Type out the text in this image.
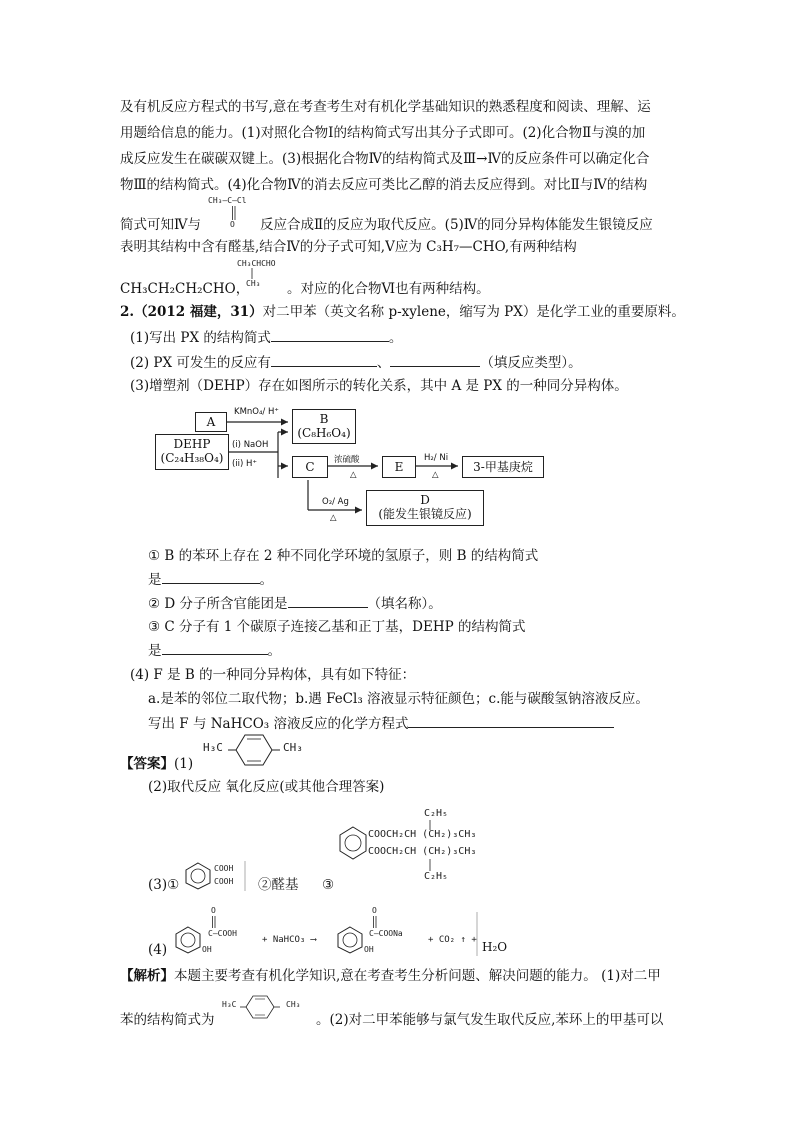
及有机反应方程式的书写,意在考查考生对有机化学基础知识的熟悉程度和阅读、理解、运
用题给信息的能力。(1)对照化合物Ⅰ的结构简式写出其分子式即可。(2)化合物Ⅱ与溴的加
成反应发生在碳碳双键上。(3)根据化合物Ⅳ的结构简式及Ⅲ→Ⅳ的反应条件可以确定化合
物Ⅲ的结构简式。(4)化合物Ⅳ的消去反应可类比乙醇的消去反应得到。对比Ⅱ与Ⅳ的结构
简式可知Ⅳ与
CH₃—C—Cl
O 反应合成Ⅱ的反应为取代反应。(5)Ⅳ的同分异构体能发生银镜反应
表明其结构中含有醛基,结合Ⅳ的分子式可知,Ⅴ应为 C₃H₇—CHO,有两种结构
CH₃CH₂CH₂CHO，
CH₃CHCHO
CH₃ 。对应的化合物Ⅵ也有两种结构。
2.（2012 福建，31）对二甲苯（英文名称 p-xylene，缩写为 PX）是化学工业的重要原料。
(1)写出 PX 的结构简式	。
(2) PX 可发生的反应有	、	（填反应类型）。
(3)增塑剂（DEHP）存在如图所示的转化关系，其中 A 是 PX 的一种同分异构体。
A	B
(C₈H₆O₄)
DEHP
(C₂₄H₃₈O₄)
C	E	3-甲基庚烷
D
(能发生银镜反应)
KMnO₄/ H⁺
(i) NaOH
(ii) H⁺	浓硫酸
△
H₂/ Ni
△
O₂/ Ag
△
① B 的苯环上存在 2 种不同化学环境的氢原子，则 B 的结构简式
是	。
② D 分子所含官能团是	（填名称）。
③ C 分子有 1 个碳原子连接乙基和正丁基，DEHP 的结构简式
是	。
(4) F 是 B 的一种同分异构体，具有如下特征：
a.是苯的邻位二取代物；b.遇 FeCl₃ 溶液显示特征颜色；c.能与碳酸氢钠溶液反应。
写出 F 与 NaHCO₃ 溶液反应的化学方程式
【答案】(1)
H₃C	CH₃
(2)取代反应 氧化反应(或其他合理答案)
C₂H₅
COOCH₂CH (CH₂)₃CH₃
COOCH₂CH (CH₂)₃CH₃
C₂H₅
(3)①
COOH
COOH ②醛基 ③
(4)
O
C—COOH
OH
+ NaHCO₃ ⟶
O
C—COONa
OH
+ CO₂ ↑ + H₂O
【解析】本题主要考查有机化学知识,意在考查考生分析问题、解决问题的能力。 (1)对二甲
苯的结构简式为
H₃C	CH₃
。(2)对二甲苯能够与氯气发生取代反应,苯环上的甲基可以
